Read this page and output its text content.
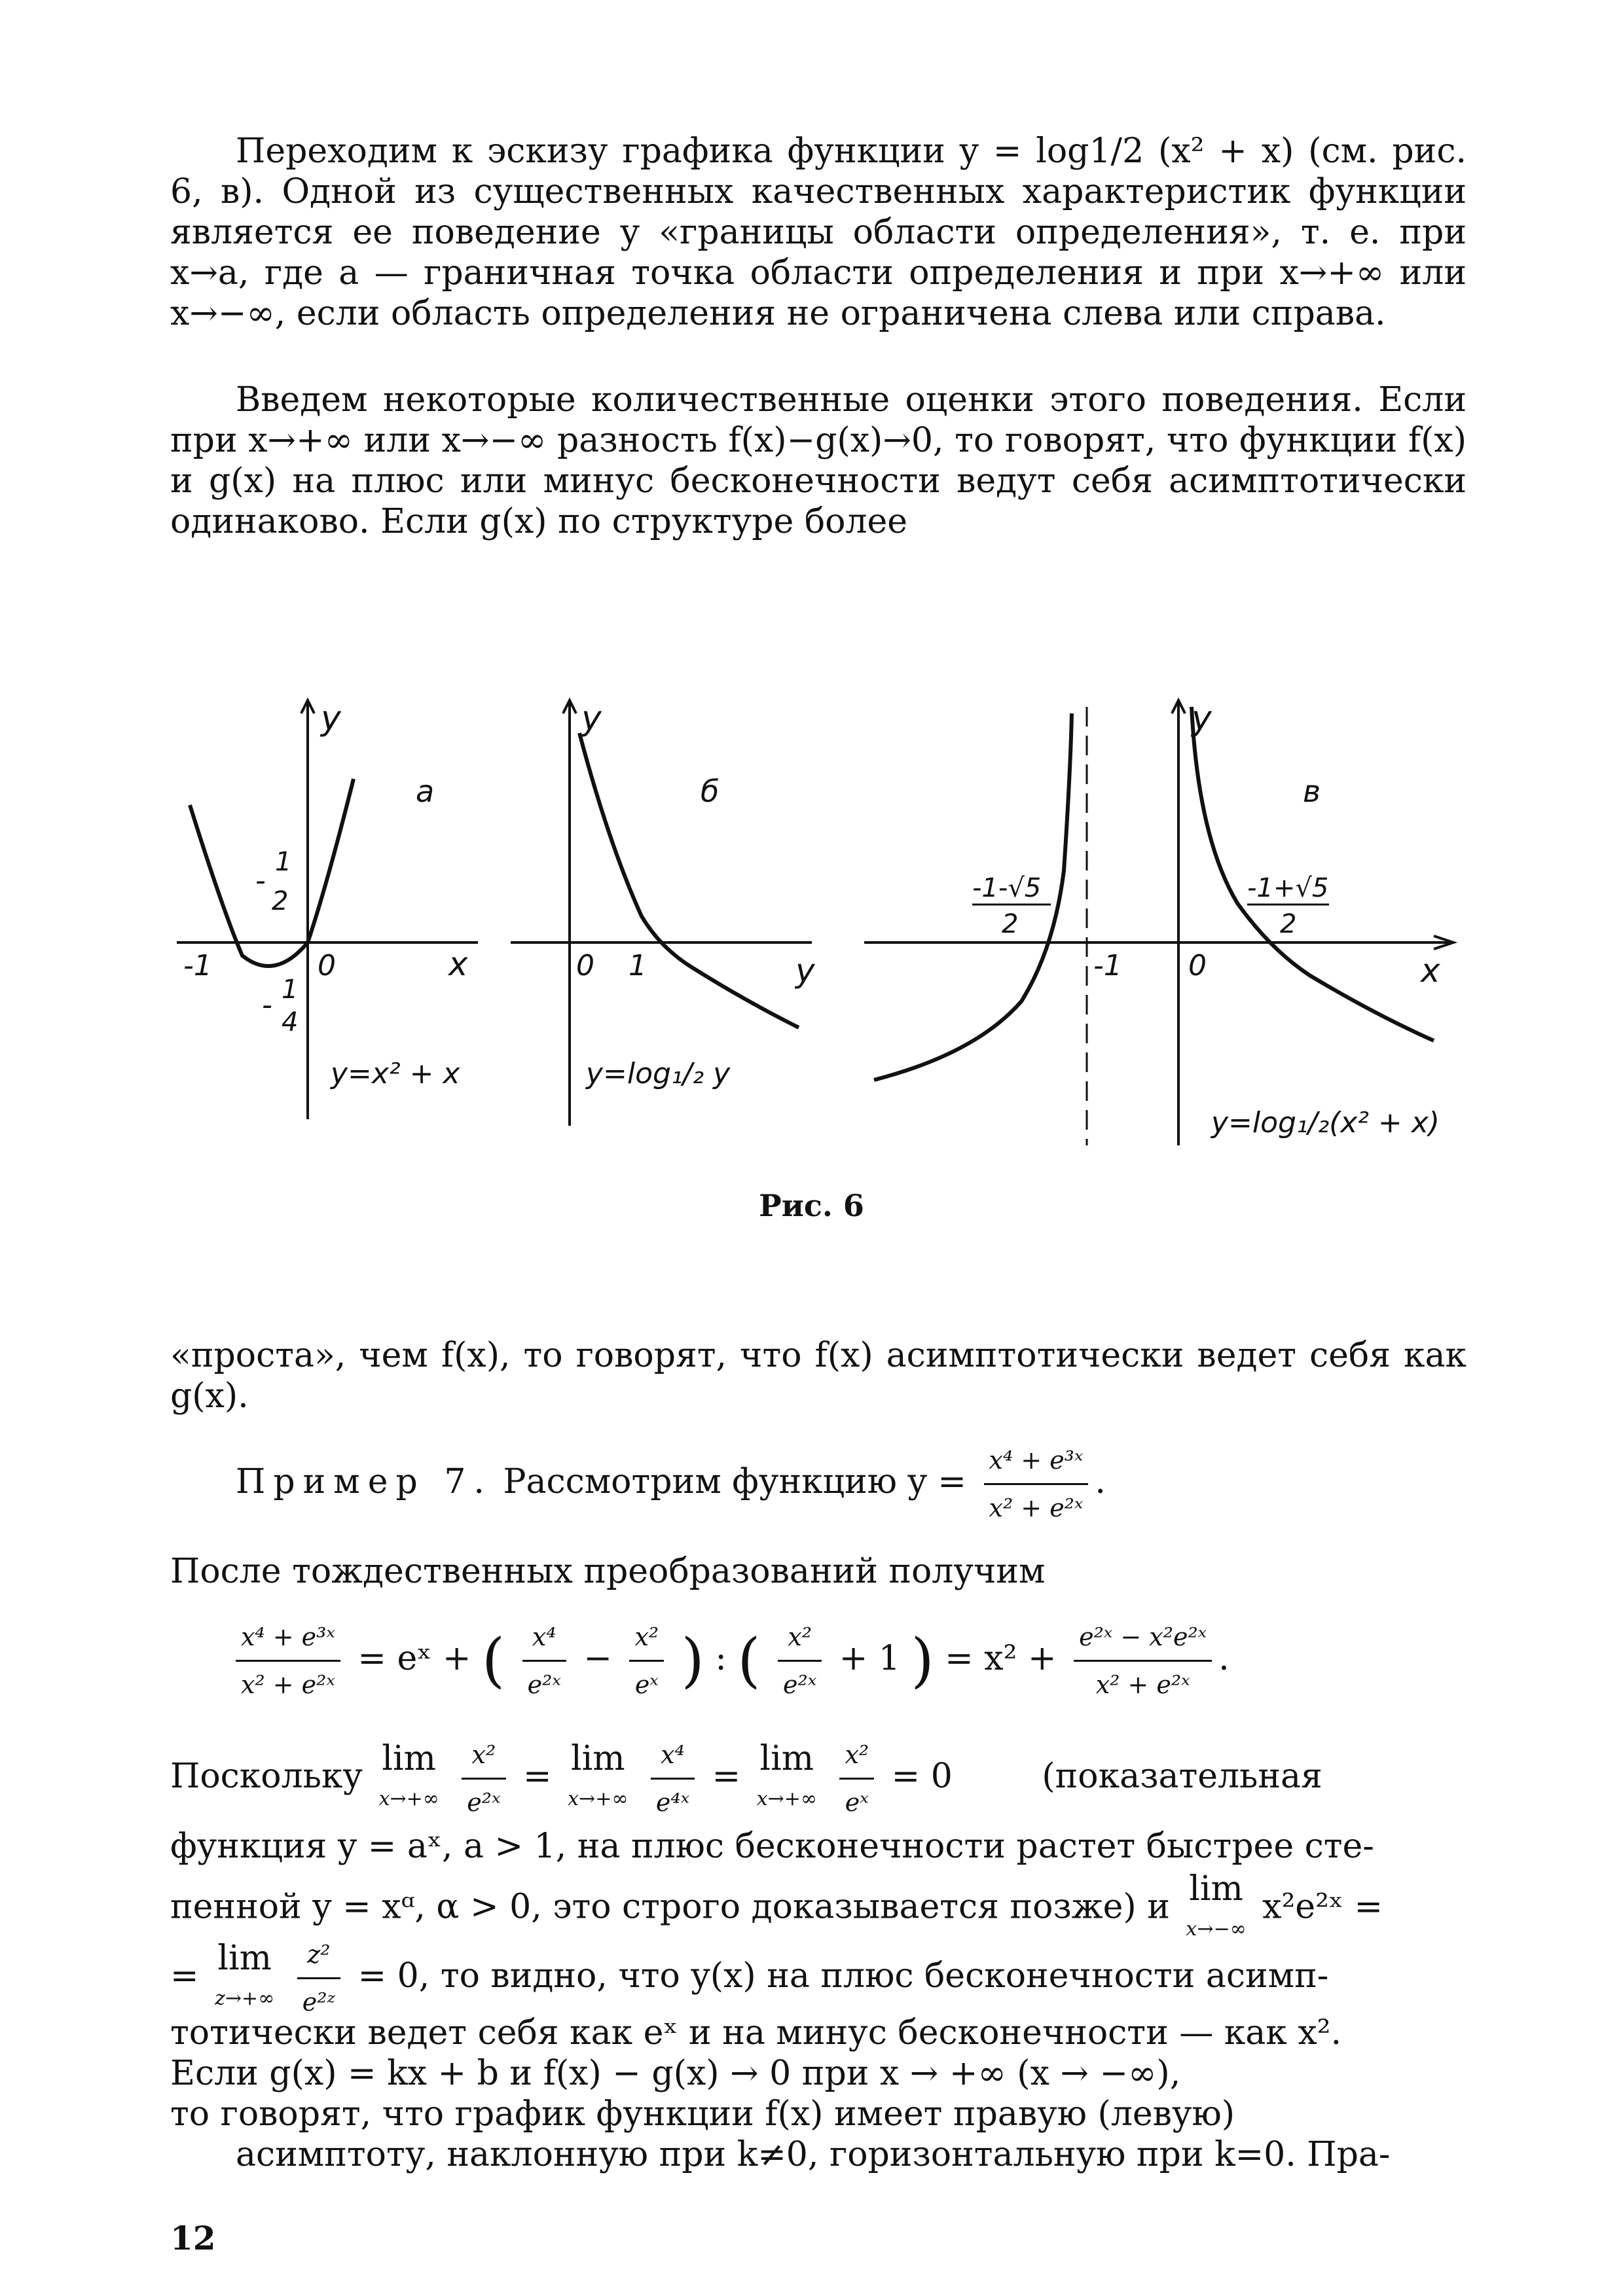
Переходим к эскизу графика функции y = log1/2 (x² + x) (см. рис. 6, в). Одной из существенных качественных характеристик функции является ее поведение у «границы области определения», т. е. при x→a, где a — граничная точка области определения и при x→+∞ или x→−∞, если область определения не ограничена слева или справа.
Введем некоторые количественные оценки этого поведения. Если при x→+∞ или x→−∞ разность f(x)−g(x)→0, то говорят, что функции f(x) и g(x) на плюс или минус бесконечности ведут себя асимптотически одинаково. Если g(x) по структуре более
y
а
x
-1	0
-
1
2
- 1
4
y=x² + x
y
б
y
0 1
y=log₁/₂ y
y
в
x
-1 0
-1-√5
2
-1+√5
2
y=log₁/₂(x² + x)
Рис. 6
«проста», чем f(x), то говорят, что f(x) асимптотически ведет себя как g(x).
Пример 7. Рассмотрим функцию $y = \frac{\text{x⁴ + e³ˣ}}{\text{x² + e²ˣ}}$ .
После тождественных преобразований получим
$\frac{\text{x⁴ + e³ˣ}}{\text{x² + e²ˣ}}$ = eˣ + ( $\frac{\text{x⁴}}{\text{e²ˣ}} - \frac{\text{x²}}{\text{eˣ}}$ ) : ( $\frac{\text{x²}}{\text{e²ˣ}} + 1$ ) = $x^2 + \frac{\text{e²ˣ − x²e²ˣ}}{\text{x² + e²ˣ}}$ .
Поскольку lim
x→+∞
$\frac{\text{x²}}{\text{e²ˣ}} = \lim$
x→+∞
$\frac{\text{x⁴}}{\text{e⁴ˣ}} = \lim$
x→+∞
$\frac{\text{x²}}{\text{eˣ}} = 0$	(показательная
функция y = aˣ, a > 1, на плюс бесконечности растет быстрее сте-
пенной y = xᵅ, α > 0, это строго доказывается позже) и lim
x→−∞
x²e²ˣ =
= lim
z→+∞
$\frac{\text{z²}}{\text{e²ᶻ}} = 0$, то видно, что y(x) на плюс бесконечности асимп-
тотически ведет себя как eˣ и на минус бесконечности — как x².
Если g(x) = kx + b и f(x) − g(x) → 0 при x → +∞ (x → −∞),
то говорят, что график функции f(x) имеет правую (левую)
асимптоту, наклонную при k≠0, горизонтальную при k=0. Пра-
12
